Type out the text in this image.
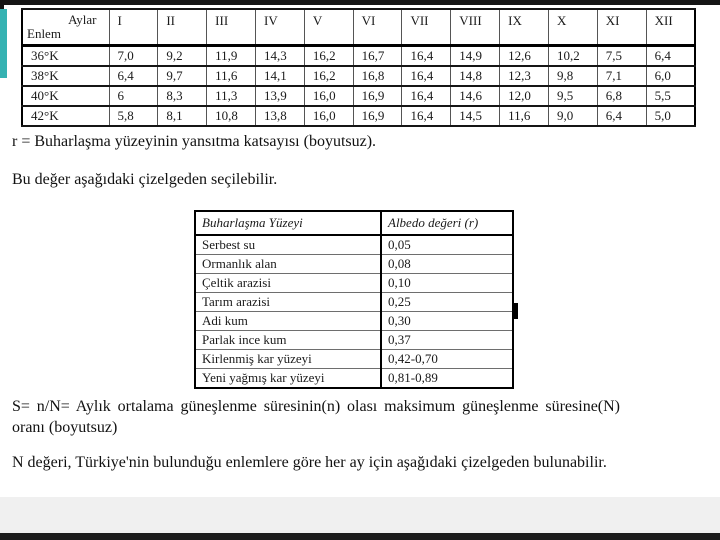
Aylar
Enlem	I	II	III	IV	V	VI	VII	VIII	IX	X	XI	XII
36°K	7,0	9,2	11,9	14,3	16,2	16,7	16,4	14,9	12,6	10,2	7,5	6,4
38°K	6,4	9,7	11,6	14,1	16,2	16,8	16,4	14,8	12,3	9,8	7,1	6,0
40°K	6	8,3	11,3	13,9	16,0	16,9	16,4	14,6	12,0	9,5	6,8	5,5
42°K	5,8	8,1	10,8	13,8	16,0	16,9	16,4	14,5	11,6	9,0	6,4	5,0

r = Buharlaşma yüzeyinin yansıtma katsayısı (boyutsuz).

Bu değer aşağıdaki çizelgeden seçilebilir.

Buharlaşma Yüzeyi	Albedo değeri (r)
Serbest su	0,05
Ormanlık alan	0,08
Çeltik arazisi	0,10
Tarım arazisi	0,25
Adi kum	0,30
Parlak ince kum	0,37
Kirlenmiş kar yüzeyi	0,42-0,70
Yeni yağmış kar yüzeyi	0,81-0,89

S= n/N= Aylık ortalama güneşlenme süresinin(n) olası maksimum güneşlenme süresine(N) oranı (boyutsuz)

N değeri, Türkiye'nin bulunduğu enlemlere göre her ay için aşağıdaki çizelgeden bulunabilir.
